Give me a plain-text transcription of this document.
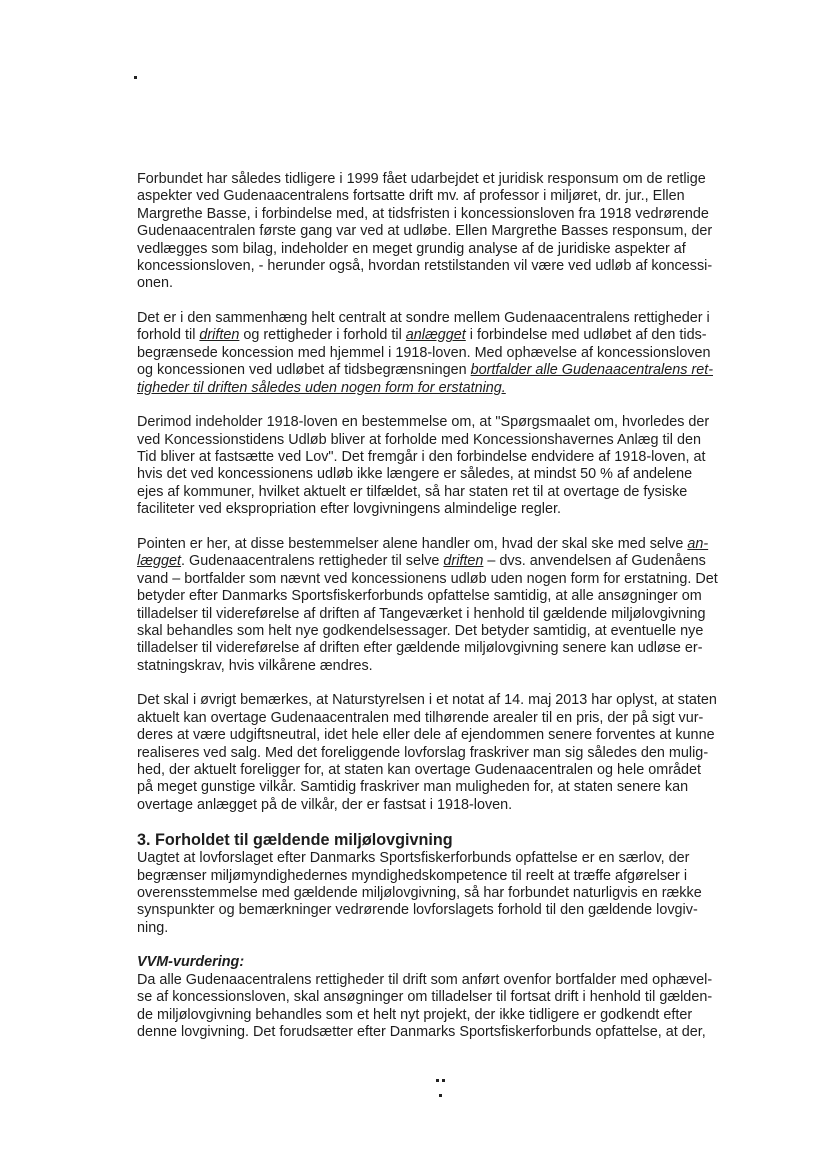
Forbundet har således tidligere i 1999 fået udarbejdet et juridisk responsum om de retlige
aspekter ved Gudenaacentralens fortsatte drift mv. af professor i miljøret, dr. jur., Ellen
Margrethe Basse, i forbindelse med, at tidsfristen i koncessionsloven fra 1918 vedrørende
Gudenaacentralen første gang var ved at udløbe. Ellen Margrethe Basses responsum, der
vedlægges som bilag, indeholder en meget grundig analyse af de juridiske aspekter af
koncessionsloven, - herunder også, hvordan retstilstanden vil være ved udløb af koncessi-
onen.
Det er i den sammenhæng helt centralt at sondre mellem Gudenaacentralens rettigheder i
forhold til driften og rettigheder i forhold til anlægget i forbindelse med udløbet af den tids-
begrænsede koncession med hjemmel i 1918-loven. Med ophævelse af koncessionsloven
og koncessionen ved udløbet af tidsbegrænsningen bortfalder alle Gudenaacentralens ret-
tigheder til driften således uden nogen form for erstatning.
Derimod indeholder 1918-loven en bestemmelse om, at "Spørgsmaalet om, hvorledes der
ved Koncessionstidens Udløb bliver at forholde med Koncessionshavernes Anlæg til den
Tid bliver at fastsætte ved Lov". Det fremgår i den forbindelse endvidere af 1918-loven, at
hvis det ved koncessionens udløb ikke længere er således, at mindst 50 % af andelene
ejes af kommuner, hvilket aktuelt er tilfældet, så har staten ret til at overtage de fysiske
faciliteter ved ekspropriation efter lovgivningens almindelige regler.
Pointen er her, at disse bestemmelser alene handler om, hvad der skal ske med selve an-
lægget. Gudenaacentralens rettigheder til selve driften – dvs. anvendelsen af Gudenåens
vand – bortfalder som nævnt ved koncessionens udløb uden nogen form for erstatning. Det
betyder efter Danmarks Sportsfiskerforbunds opfattelse samtidig, at alle ansøgninger om
tilladelser til videreførelse af driften af Tangeværket i henhold til gældende miljølovgivning
skal behandles som helt nye godkendelsessager. Det betyder samtidig, at eventuelle nye
tilladelser til videreførelse af driften efter gældende miljølovgivning senere kan udløse er-
statningskrav, hvis vilkårene ændres.
Det skal i øvrigt bemærkes, at Naturstyrelsen i et notat af 14. maj 2013 har oplyst, at staten
aktuelt kan overtage Gudenaacentralen med tilhørende arealer til en pris, der på sigt vur-
deres at være udgiftsneutral, idet hele eller dele af ejendommen senere forventes at kunne
realiseres ved salg. Med det foreliggende lovforslag fraskriver man sig således den mulig-
hed, der aktuelt foreligger for, at staten kan overtage Gudenaacentralen og hele området
på meget gunstige vilkår. Samtidig fraskriver man muligheden for, at staten senere kan
overtage anlægget på de vilkår, der er fastsat i 1918-loven.
3. Forholdet til gældende miljølovgivning
Uagtet at lovforslaget efter Danmarks Sportsfiskerforbunds opfattelse er en særlov, der
begrænser miljømyndighedernes myndighedskompetence til reelt at træffe afgørelser i
overensstemmelse med gældende miljølovgivning, så har forbundet naturligvis en række
synspunkter og bemærkninger vedrørende lovforslagets forhold til den gældende lovgiv-
ning.
VVM-vurdering:
Da alle Gudenaacentralens rettigheder til drift som anført ovenfor bortfalder med ophævel-
se af koncessionsloven, skal ansøgninger om tilladelser til fortsat drift i henhold til gælden-
de miljølovgivning behandles som et helt nyt projekt, der ikke tidligere er godkendt efter
denne lovgivning. Det forudsætter efter Danmarks Sportsfiskerforbunds opfattelse, at der,
